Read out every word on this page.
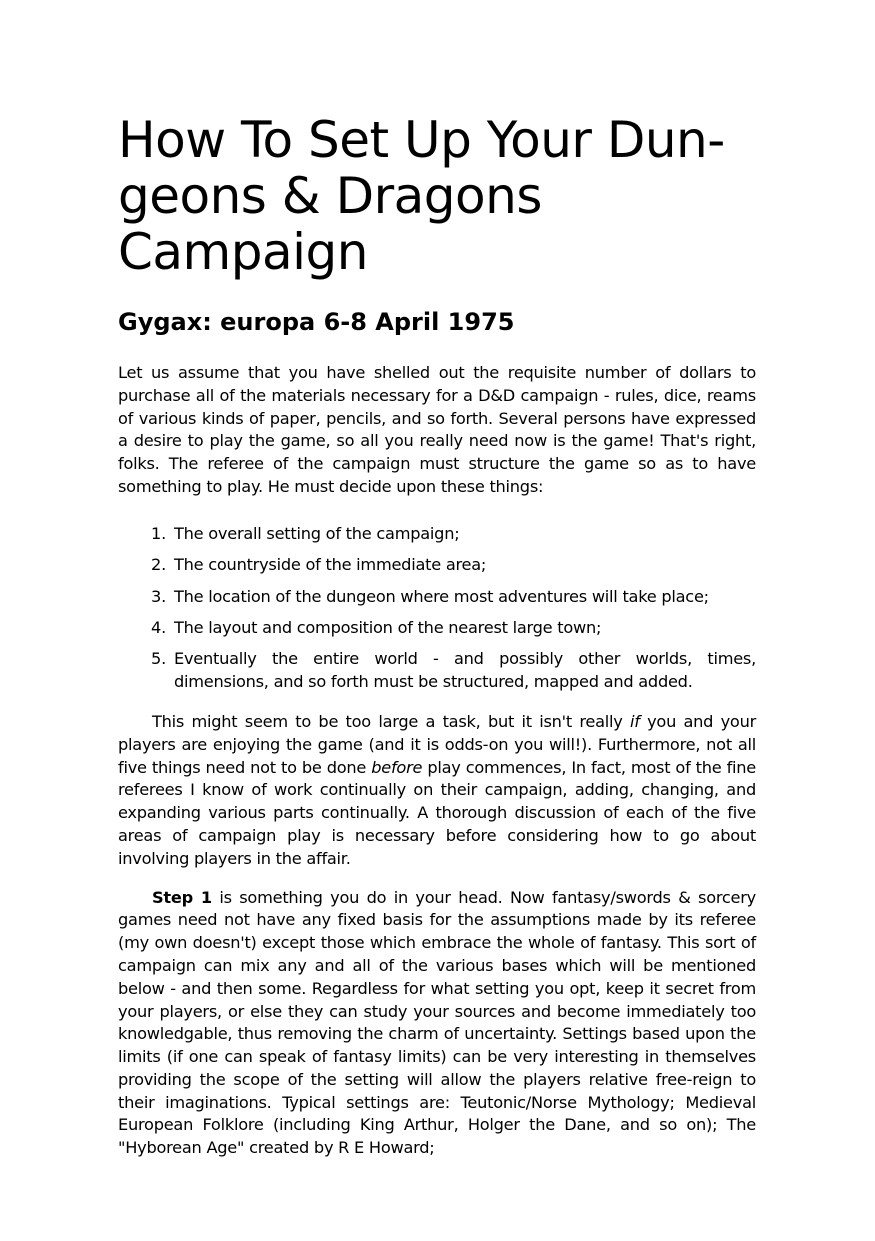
How To Set Up Your Dun-
geons & Dragons Campaign
Gygax: europa 6-8 April 1975

Let us assume that you have shelled out the requisite number of dollars to purchase all of the materials necessary for a D&D campaign - rules, dice, reams of various kinds of paper, pencils, and so forth. Several persons have expressed a desire to play the game, so all you really need now is the game! That's right, folks. The referee of the campaign must structure the game so as to have something to play. He must decide upon these things:

1. The overall setting of the campaign;
2. The countryside of the immediate area;
3. The location of the dungeon where most adventures will take place;
4. The layout and composition of the nearest large town;
5. Eventually the entire world - and possibly other worlds, times, dimensions, and so forth must be structured, mapped and added.

This might seem to be too large a task, but it isn't really if you and your players are enjoying the game (and it is odds-on you will!). Furthermore, not all five things need not to be done before play commences, In fact, most of the fine referees I know of work continually on their campaign, adding, changing, and expanding various parts continually. A thorough discussion of each of the five areas of campaign play is necessary before considering how to go about involving players in the affair.

Step 1 is something you do in your head. Now fantasy/swords & sorcery games need not have any fixed basis for the assumptions made by its referee (my own doesn't) except those which embrace the whole of fantasy. This sort of campaign can mix any and all of the various bases which will be mentioned below - and then some. Regardless for what setting you opt, keep it secret from your players, or else they can study your sources and become immediately too knowledgable, thus removing the charm of uncertainty. Settings based upon the limits (if one can speak of fantasy limits) can be very interesting in themselves providing the scope of the setting will allow the players relative free-reign to their imaginations. Typical settings are: Teutonic/Norse Mythology; Medieval European Folklore (including King Arthur, Holger the Dane, and so on); The "Hyborean Age" created by R E Howard;
